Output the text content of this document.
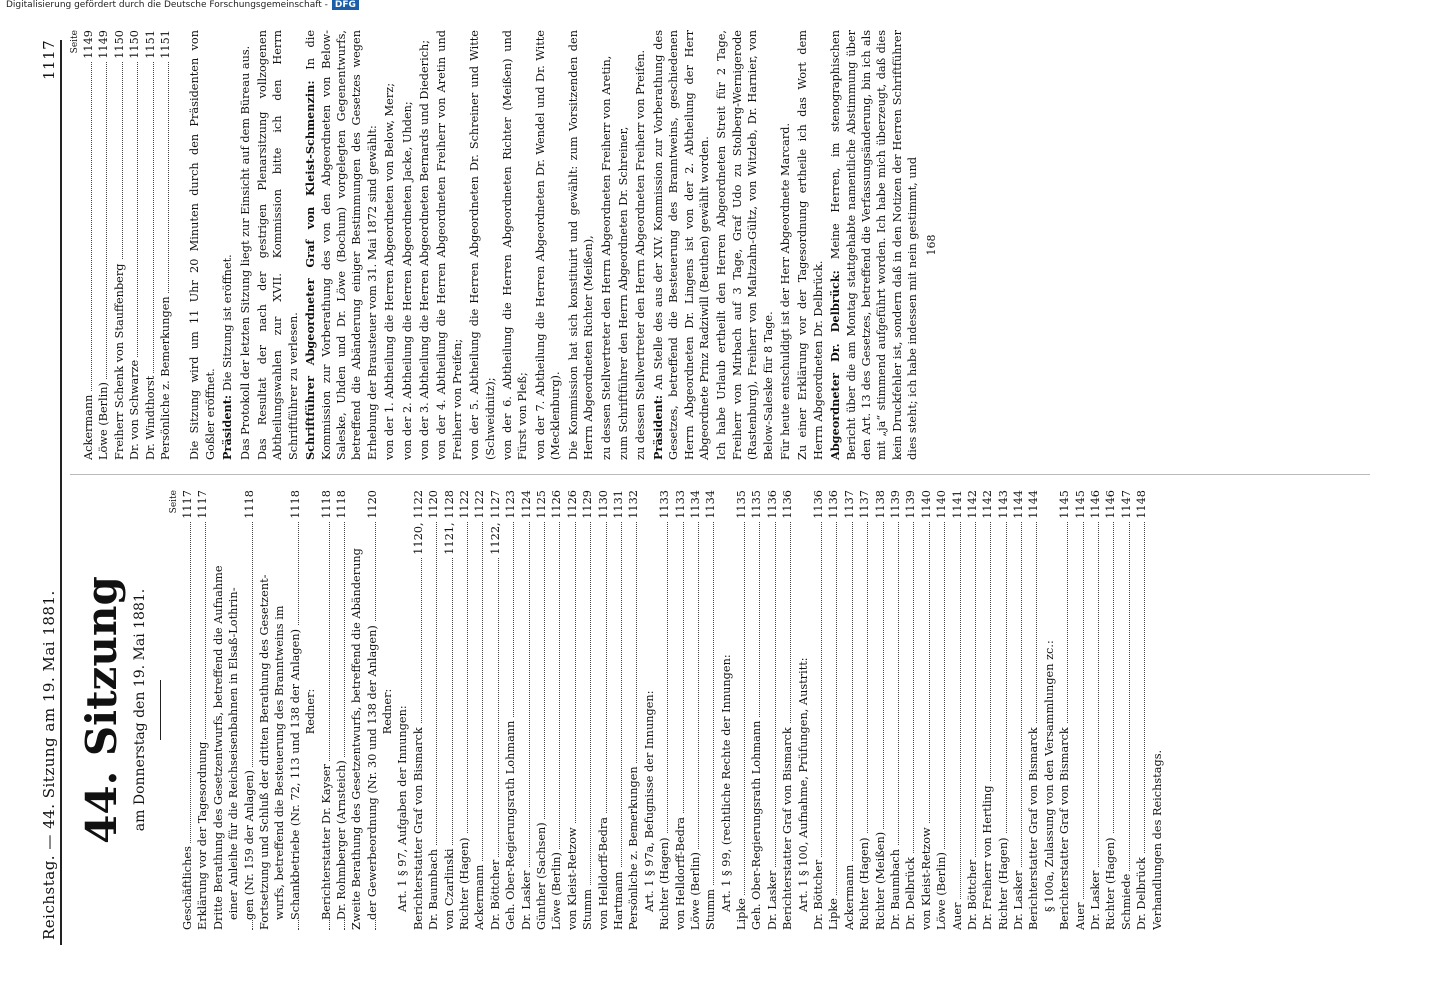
Reichstag. — 44. Sitzung am 19. Mai 1881.
1117
44. Sitzung am Donnerstag den 19. Mai 1881.
Seite
Geschäftliches
1117
Erklärung vor der Tagesordnung
1117
Dritte Berathung des Gesetzentwurfs, betreffend die Aufnahme einer Anleihe für die Reichseisenbahnen in Elsaß-Lothrin- gen (Nr. 159 der Anlagen)
1118
Fortsetzung und Schluß der dritten Berathung des Gesetzent- wurfs, betreffend die Besteuerung des Branntweins im Schankbetriebe (Nr. 72, 113 und 138 der Anlagen)
1118
Redner:
Berichterstatter Dr. Kayser
1118
Dr. Rohmberger (Arnsteich)
1118
Zweite Berathung des Gesetzentwurfs, betreffend die Abänderung der Gewerbeordnung (Nr. 30 und 138 der Anlagen)
1120
Redner: Art. 1 § 97, Aufgaben der Innungen: Berichterstatter Graf von Bismarck
1120, 1122
Dr. Baumbach
1120
von Czarlinski
1121, 1128
Richter (Hagen)
1122
Ackermann
1122
Dr. Böttcher
1122, 1127
Geh. Ober-Regierungsrath Lohmann
1123
Dr. Lasker
1124
Günther (Sachsen)
1125
Löwe (Berlin)
1126
von Kleist-Retzow
1126
Stumm
1129
von Helldorff-Bedra
1130
Hartmann
1131
Persönliche z. Bemerkungen
1132
Art. 1 § 97a, Befugnisse der Innungen: Richter (Hagen)
1133
von Helldorff-Bedra
1133
Löwe (Berlin)
1134
Stumm
1134
Art. 1 § 99, (rechtliche Rechte der Innungen:
Lipke
1135
Geh. Ober-Regierungsrath Lohmann
1135
Dr. Lasker
1136
Berichterstatter Graf von Bismarck
1136
Art. 1 § 100, Aufnahme, Prüfungen, Austritt: Dr. Böttcher
1136
Lipke
1136
Ackermann
1137
Richter (Hagen)
1137
Richter (Meißen)
1138
Dr. Baumbach
1139
Dr. Delbrück
1139
von Kleist-Retzow
1140
Löwe (Berlin)
1140
Auer
1141
Dr. Böttcher
1142
Dr. Freiherr von Hertling
1142
Richter (Hagen)
1143
Dr. Lasker
1144
Berichterstatter Graf von Bismarck
1144
§ 100a, Zulassung von den Versammlungen zc.: Berichterstatter Graf von Bismarck
1145
Auer
1145
Dr. Lasker
1146
Richter (Hagen)
1146
Schmiede
1147
Dr. Delbrück
1148
Verhandlungen des Reichstags.
Seite
Ackermann
1149
Löwe (Berlin)
1149
Freiherr Schenk von Stauffenberg
1150
Dr. von Schwarze
1150
Dr. Windthorst
1151
Persönliche z. Bemerkungen
1151 Die Sitzung wird um 11 Uhr 20 Minuten durch den Präsidenten von Goßler eröffnet. Präsident: Die Sitzung ist eröffnet. Das Protokoll der letzten Sitzung liegt zur Einsicht auf dem Büreau aus. Das Resultat der nach der gestrigen Plenarsitzung vollzogenen Abtheilungswahlen zur XVII. Kommission bitte ich den Herrn Schriftführer zu verlesen. Schriftführer Abgeordneter Graf von Kleist-Schmenzin: In die Kommission zur Vorberathung des von den Abgeordneten von Below-Saleske, Uhden und Dr. Löwe (Bochum) vorgelegten Gegenentwurfs, betreffend die Abänderung einiger Bestimmungen des Gesetzes wegen Erhebung der Brausteuer vom 31. Mai 1872 sind gewählt: von der 1. Abtheilung die Herren Abgeordneten von Below, Merz; von der 2. Abtheilung die Herren Abgeordneten Jacke, Uhden; von der 3. Abtheilung die Herren Abgeordneten Bernards und Diederich; von der 4. Abtheilung die Herren Abgeordneten Freiherr von Aretin und Freiherr von Preifen; von der 5. Abtheilung die Herren Abgeordneten Dr. Schreiner und Witte (Schweidnitz); von der 6. Abtheilung die Herren Abgeordneten Richter (Meißen) und Fürst von Pleß; von der 7. Abtheilung die Herren Abgeordneten Dr. Wendel und Dr. Witte (Mecklenburg). Die Kommission hat sich konstituirt und gewählt: zum Vorsitzenden den Herrn Abgeordneten Richter (Meißen), zu dessen Stellvertreter den Herrn Abgeordneten Freiherr von Aretin, zum Schriftführer den Herrn Abgeordneten Dr. Schreiner, zu dessen Stellvertreter den Herrn Abgeordneten Freiherr von Preifen. Präsident: An Stelle des aus der XIV. Kommission zur Vorberathung des Gesetzes, betreffend die Besteuerung des Branntweins, geschiedenen Herrn Abgeordneten Dr. Lingens ist von der 2. Abtheilung der Herr Abgeordnete Prinz Radziwill (Beuthen) gewählt worden. Ich habe Urlaub ertheilt den Herren Abgeordneten Streit für 2 Tage, Freiherr von Mirbach auf 3 Tage, Graf Udo zu Stolberg-Wernigerode (Rastenburg), Freiherr von Maltzahn-Gültz, von Witzleb, Dr. Harnier, von Below-Saleske für 8 Tage. Für heute entschuldigt ist der Herr Abgeordnete Marcard. Zu einer Erklärung vor der Tagesordnung ertheile ich das Wort dem Herrn Abgeordneten Dr. Delbrück. Abgeordneter Dr. Delbrück: Meine Herren, im stenographischen Bericht über die am Montag stattgehabte namentliche Abstimmung über den Art. 13 des Gesetzes, betreffend die Verfassungsänderung, bin ich als mit „ja“ stimmend aufgeführt worden. Ich habe mich überzeugt, daß dies kein Druckfehler ist, sondern daß in den Notizen der Herren Schriftführer dies steht; ich habe indessen mit nein gestimmt, und 168
Digitalisierung gefördert durch die Deutsche Forschungsgemeinschaft - DFG
